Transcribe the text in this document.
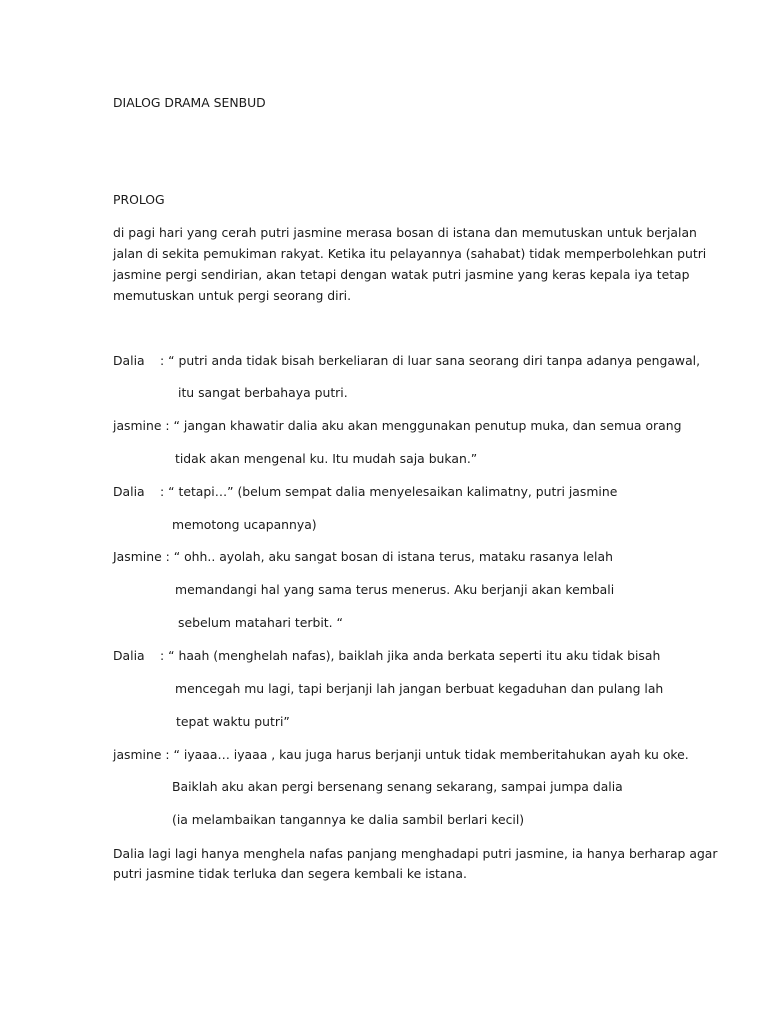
DIALOG DRAMA SENBUD
PROLOG
di pagi hari yang cerah putri jasmine merasa bosan di istana dan memutuskan untuk berjalan
jalan di sekita pemukiman rakyat. Ketika itu pelayannya (sahabat) tidak memperbolehkan putri
jasmine pergi sendirian, akan tetapi dengan watak putri jasmine yang keras kepala iya tetap
memutuskan untuk pergi seorang diri.
Dalia : “ putri anda tidak bisah berkeliaran di luar sana seorang diri tanpa adanya pengawal,
itu sangat berbahaya putri.
jasmine : “ jangan khawatir dalia aku akan menggunakan penutup muka, dan semua orang
tidak akan mengenal ku. Itu mudah saja bukan.”
Dalia : “ tetapi…” (belum sempat dalia menyelesaikan kalimatny, putri jasmine
memotong ucapannya)
Jasmine : “ ohh.. ayolah, aku sangat bosan di istana terus, mataku rasanya lelah
memandangi hal yang sama terus menerus. Aku berjanji akan kembali
sebelum matahari terbit. “
Dalia : “ haah (menghelah nafas), baiklah jika anda berkata seperti itu aku tidak bisah
mencegah mu lagi, tapi berjanji lah jangan berbuat kegaduhan dan pulang lah
tepat waktu putri”
jasmine : “ iyaaa… iyaaa , kau juga harus berjanji untuk tidak memberitahukan ayah ku oke.
Baiklah aku akan pergi bersenang senang sekarang, sampai jumpa dalia
(ia melambaikan tangannya ke dalia sambil berlari kecil)
Dalia lagi lagi hanya menghela nafas panjang menghadapi putri jasmine, ia hanya berharap agar
putri jasmine tidak terluka dan segera kembali ke istana.
